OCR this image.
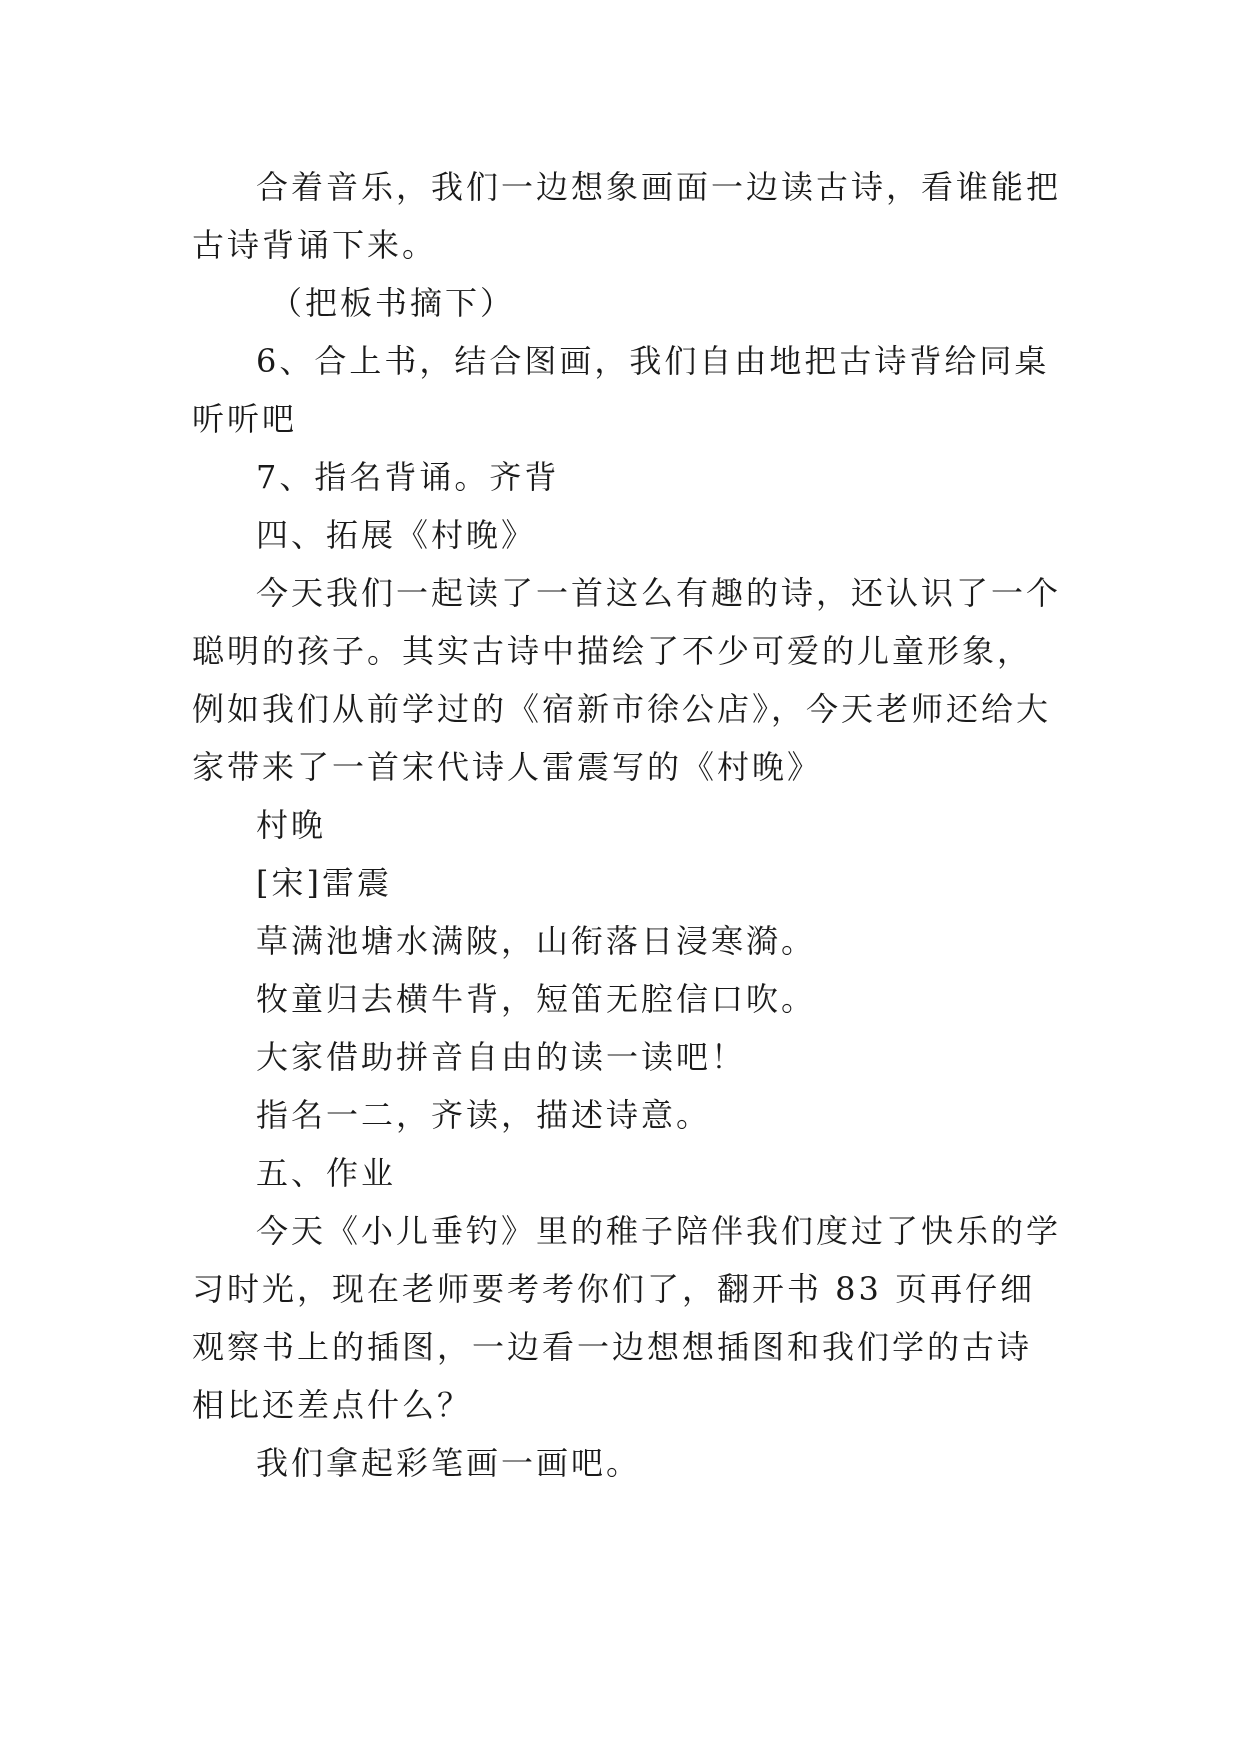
合着音乐，我们一边想象画面一边读古诗，看谁能把古诗背诵下来。

（把板书摘下）

6、合上书，结合图画，我们自由地把古诗背给同桌听听吧

7、指名背诵。齐背

四、拓展《村晚》

今天我们一起读了一首这么有趣的诗，还认识了一个聪明的孩子。其实古诗中描绘了不少可爱的儿童形象，例如我们从前学过的《宿新市徐公店》，今天老师还给大家带来了一首宋代诗人雷震写的《村晚》

村晚

[宋]雷震

草满池塘水满陂，山衔落日浸寒漪。

牧童归去横牛背，短笛无腔信口吹。

大家借助拼音自由的读一读吧！

指名一二，齐读，描述诗意。

五、作业

今天《小儿垂钓》里的稚子陪伴我们度过了快乐的学习时光，现在老师要考考你们了，翻开书 83 页再仔细观察书上的插图，一边看一边想想插图和我们学的古诗相比还差点什么？

我们拿起彩笔画一画吧。
